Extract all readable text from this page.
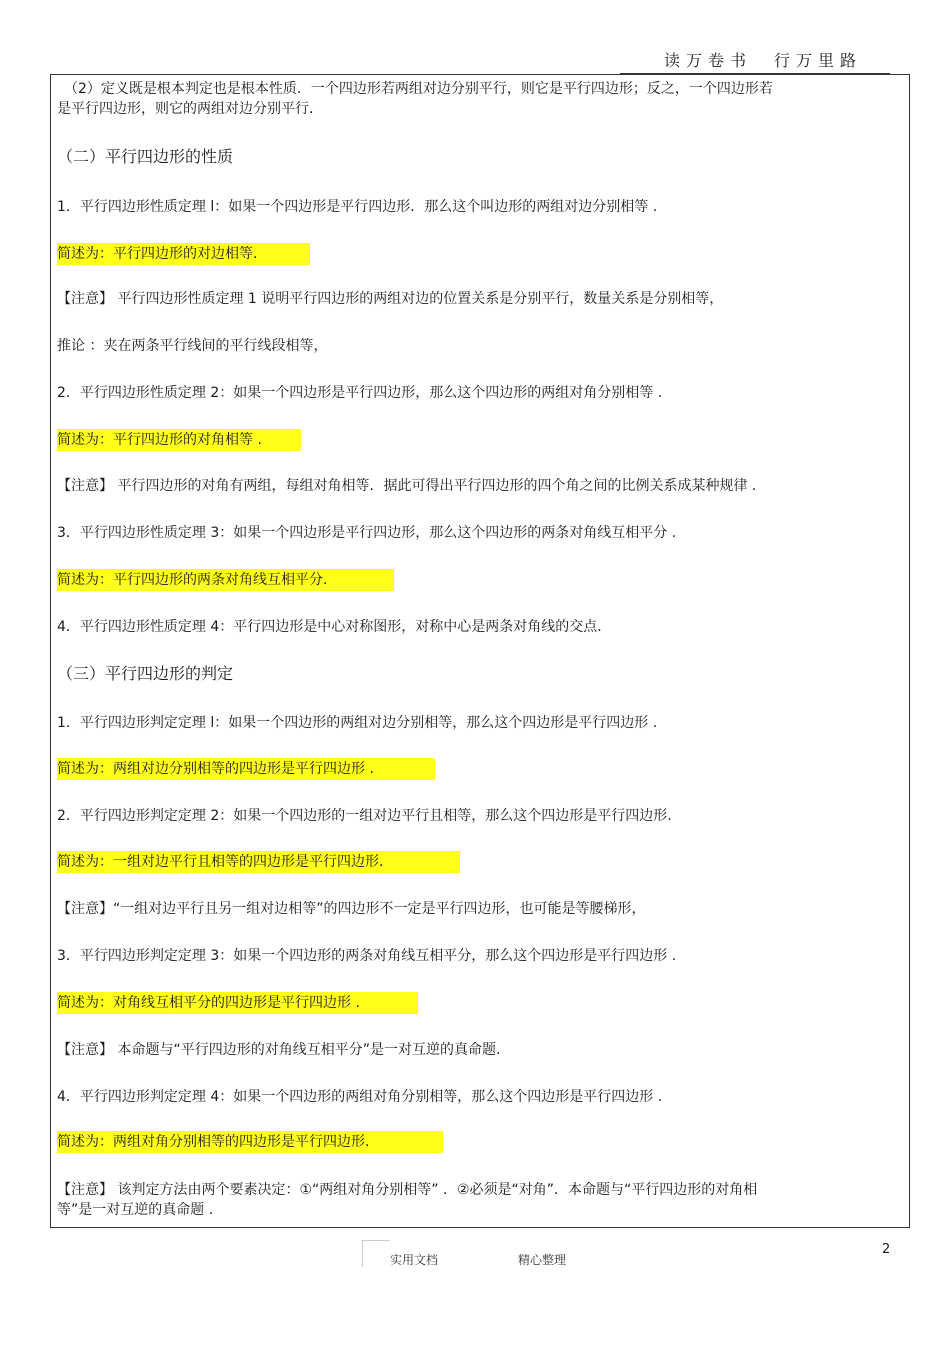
读万卷书 行万里路
（2）定义既是根本判定也是根本性质．一个四边形若两组对边分别平行，则它是平行四边形；反之，一个四边形若
是平行四边形，则它的两组对边分别平行．
（二）平行四边形的性质
1．平行四边形性质定理 l：如果一个四边形是平行四边形．那么这个叫边形的两组对边分别相等 .
简述为：平行四边形的对边相等.
【注意】 平行四边形性质定理 1 说明平行四边形的两组对边的位置关系是分别平行，数量关系是分别相等，
推论 ：夹在两条平行线间的平行线段相等，
2．平行四边形性质定理 2：如果一个四边形是平行四边形，那么这个四边形的两组对角分别相等 .
简述为：平行四边形的对角相等 .
【注意】 平行四边形的对角有两组，每组对角相等．据此可得出平行四边形的四个角之间的比例关系成某种规律 .
3．平行四边形性质定理 3：如果一个四边形是平行四边形，那么这个四边形的两条对角线互相平分 .
简述为：平行四边形的两条对角线互相平分.
4．平行四边形性质定理 4：平行四边形是中心对称图形，对称中心是两条对角线的交点.
（三）平行四边形的判定
1．平行四边形判定定理 l：如果一个四边形的两组对边分别相等，那么这个四边形是平行四边形 .
简述为：两组对边分别相等的四边形是平行四边形 .
2．平行四边形判定定理 2：如果一个四边形的一组对边平行且相等，那么这个四边形是平行四边形.
简述为：一组对边平行且相等的四边形是平行四边形.
【注意】“一组对边平行且另一组对边相等”的四边形不一定是平行四边形，也可能是等腰梯形，
3．平行四边形判定定理 3：如果一个四边形的两条对角线互相平分，那么这个四边形是平行四边形 .
简述为：对角线互相平分的四边形是平行四边形 .
【注意】 本命题与“平行四边形的对角线互相平分”是一对互逆的真命题.
4．平行四边形判定定理 4：如果一个四边形的两组对角分别相等，那么这个四边形是平行四边形 .
简述为：两组对角分别相等的四边形是平行四边形.
【注意】 该判定方法由两个要素决定：①“两组对角分别相等” ．②必须是“对角”．本命题与“平行四边形的对角相
等”是一对互逆的真命题 .
2
实用文档	精心整理
